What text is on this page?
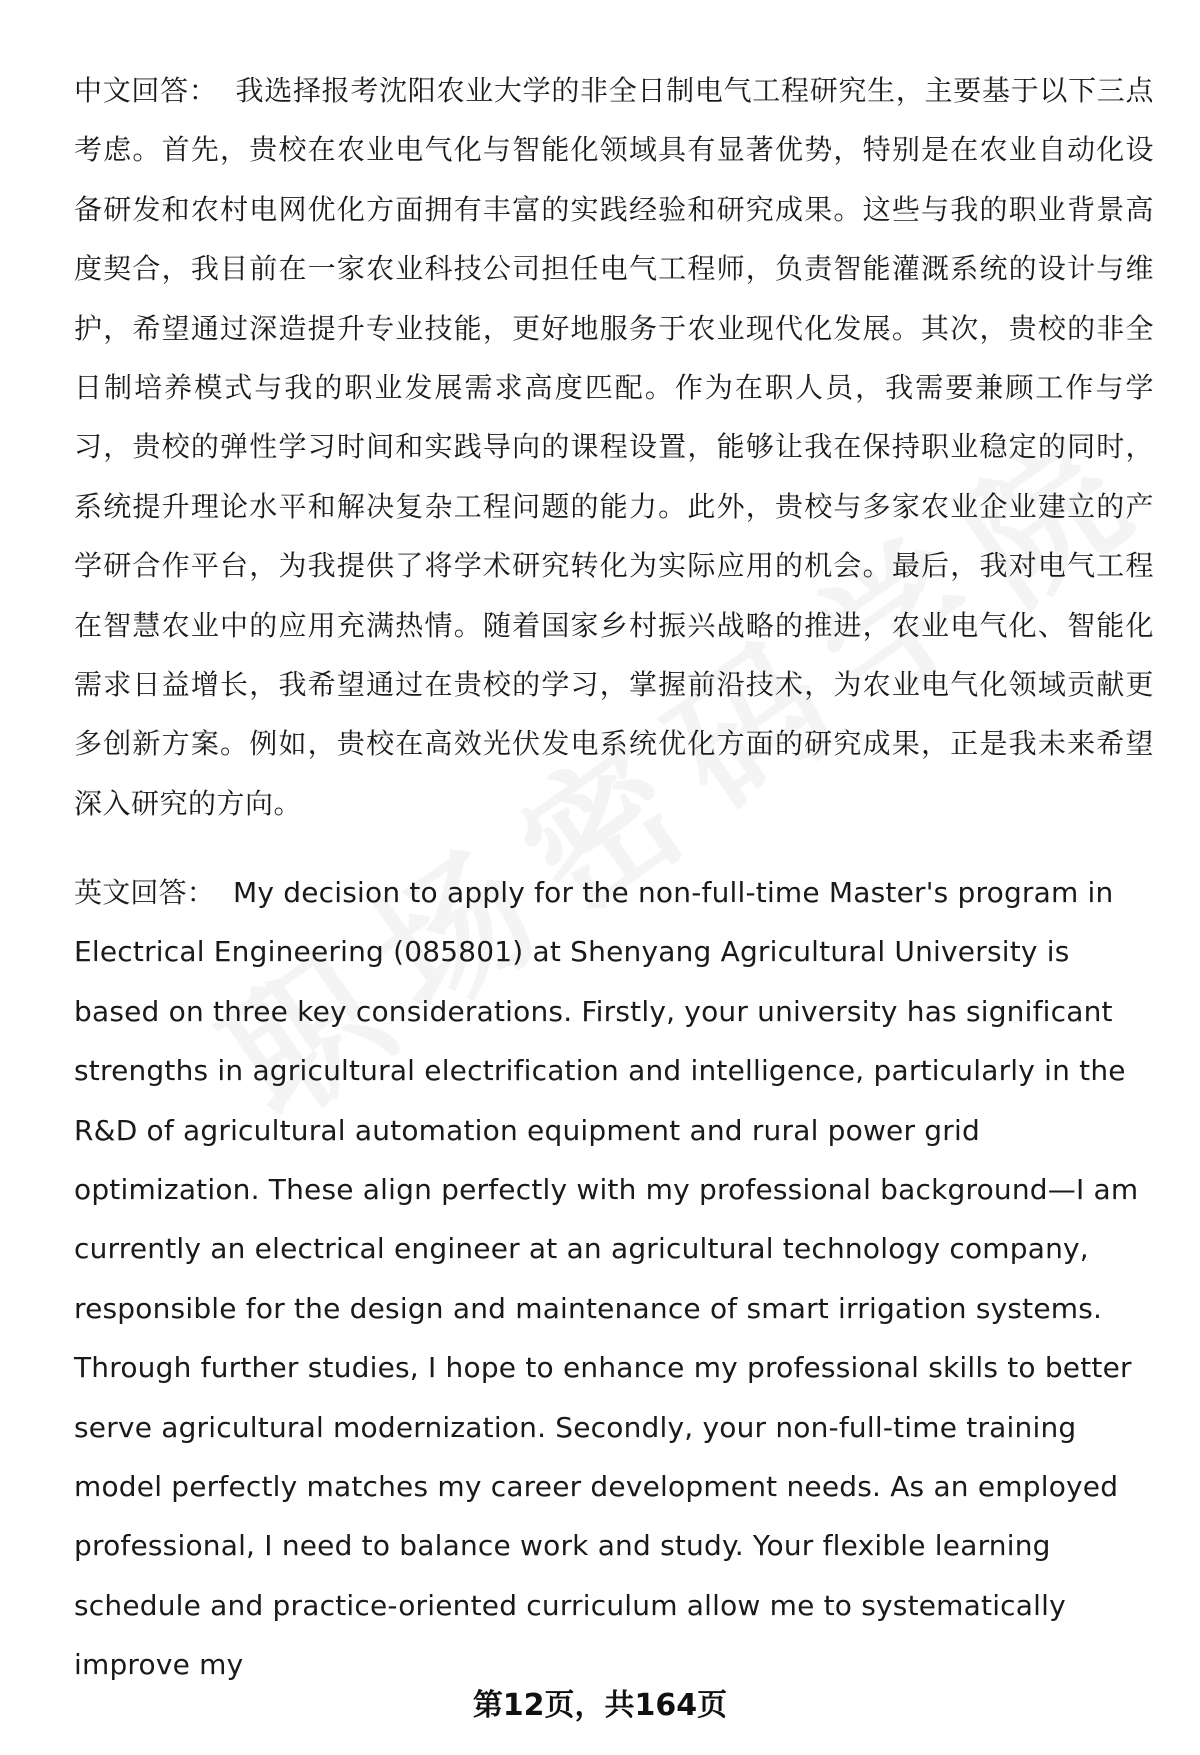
中文回答： 我选择报考沈阳农业大学的非全日制电气工程研究生，主要基于以下三点考虑。首先，贵校在农业电气化与智能化领域具有显著优势，特别是在农业自动化设备研发和农村电网优化方面拥有丰富的实践经验和研究成果。这些与我的职业背景高度契合，我目前在一家农业科技公司担任电气工程师，负责智能灌溉系统的设计与维护，希望通过深造提升专业技能，更好地服务于农业现代化发展。其次，贵校的非全日制培养模式与我的职业发展需求高度匹配。作为在职人员，我需要兼顾工作与学习，贵校的弹性学习时间和实践导向的课程设置，能够让我在保持职业稳定的同时，系统提升理论水平和解决复杂工程问题的能力。此外，贵校与多家农业企业建立的产学研合作平台，为我提供了将学术研究转化为实际应用的机会。最后，我对电气工程在智慧农业中的应用充满热情。随着国家乡村振兴战略的推进，农业电气化、智能化需求日益增长，我希望通过在贵校的学习，掌握前沿技术，为农业电气化领域贡献更多创新方案。例如，贵校在高效光伏发电系统优化方面的研究成果，正是我未来希望深入研究的方向。

英文回答： My decision to apply for the non-full-time Master's program in Electrical Engineering (085801) at Shenyang Agricultural University is based on three key considerations. Firstly, your university has significant strengths in agricultural electrification and intelligence, particularly in the R&D of agricultural automation equipment and rural power grid optimization. These align perfectly with my professional background—I am currently an electrical engineer at an agricultural technology company, responsible for the design and maintenance of smart irrigation systems. Through further studies, I hope to enhance my professional skills to better serve agricultural modernization. Secondly, your non-full-time training model perfectly matches my career development needs. As an employed professional, I need to balance work and study. Your flexible learning schedule and practice-oriented curriculum allow me to systematically improve my

第12页，共164页
